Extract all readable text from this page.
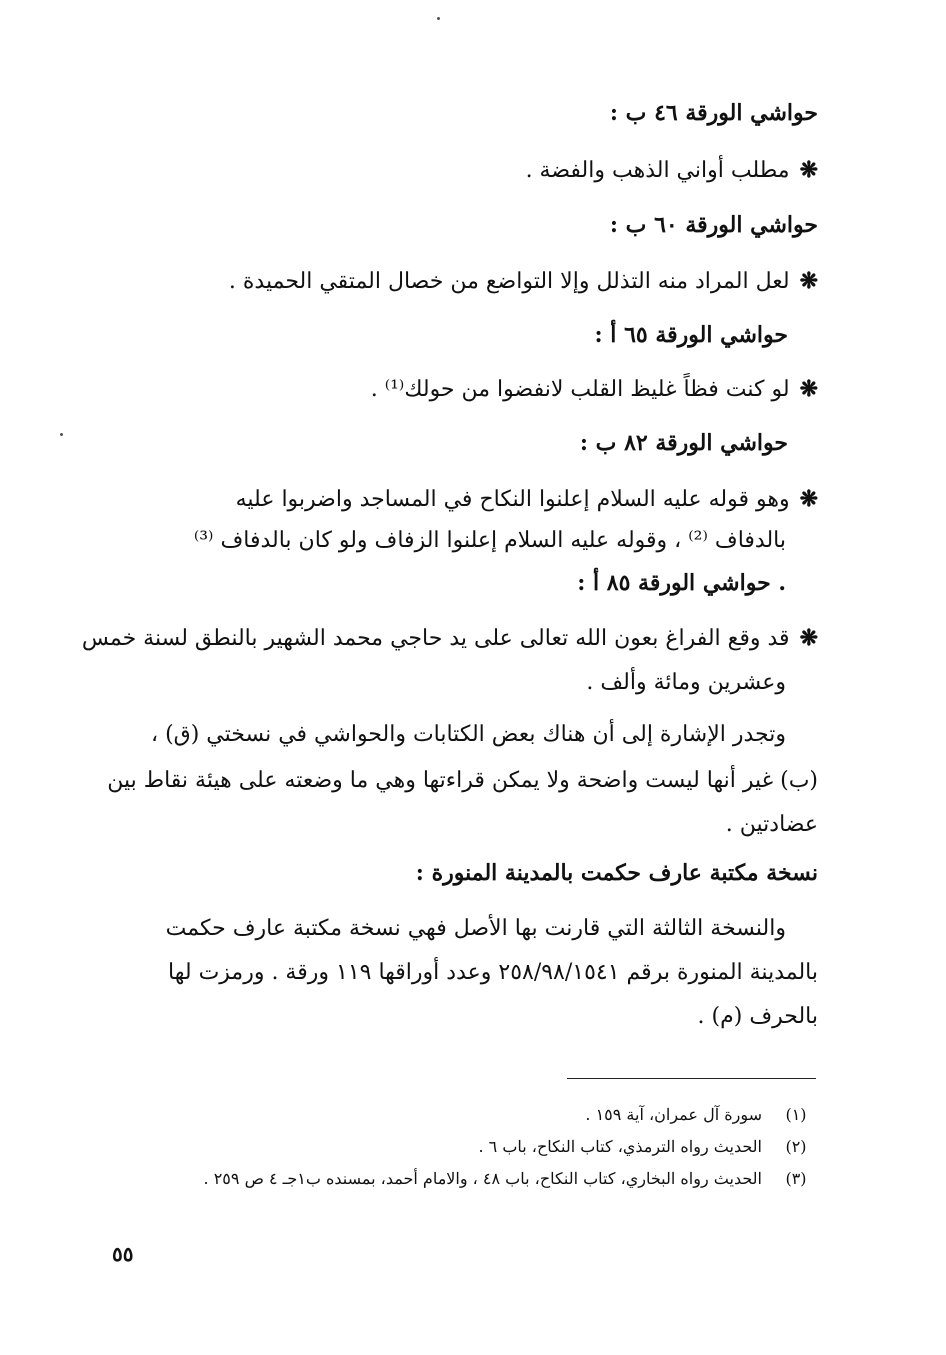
حواشي الورقة ٤٦ ب :
❋مطلب أواني الذهب والفضة .
حواشي الورقة ٦٠ ب :
❋لعل المراد منه التذلل وإلا التواضع من خصال المتقي الحميدة .
حواشي الورقة ٦٥ أ :
❋لو كنت فظاً غليظ القلب لانفضوا من حولك⁽¹⁾ .
حواشي الورقة ٨٢ ب :
❋وهو قوله عليه السلام إعلنوا النكاح في المساجد واضربوا عليه
بالدفاف ⁽²⁾ ، وقوله عليه السلام إعلنوا الزفاف ولو كان بالدفاف ⁽³⁾
. حواشي الورقة ٨٥ أ :
❋قد وقع الفراغ بعون الله تعالى على يد حاجي محمد الشهير بالنطق لسنة خمس
وعشرين ومائة وألف .
وتجدر الإشارة إلى أن هناك بعض الكتابات والحواشي في نسختي (ق) ،
(ب) غير أنها ليست واضحة ولا يمكن قراءتها وهي ما وضعته على هيئة نقاط بين
عضادتين .
نسخة مكتبة عارف حكمت بالمدينة المنورة :
والنسخة الثالثة التي قارنت بها الأصل فهي نسخة مكتبة عارف حكمت
بالمدينة المنورة برقم ٢٥٨/٩٨/١٥٤١ وعدد أوراقها ١١٩ ورقة . ورمزت لها
بالحرف (م) .
(١)
سورة آل عمران، آية ١٥٩ .
(٢)
الحديث رواه الترمذي، كتاب النكاح، باب ٦ .
(٣)
الحديث رواه البخاري، كتاب النكاح، باب ٤٨ ، والامام أحمد، بمسنده ب١جـ ٤ ص ٢٥٩ .
٥٥
